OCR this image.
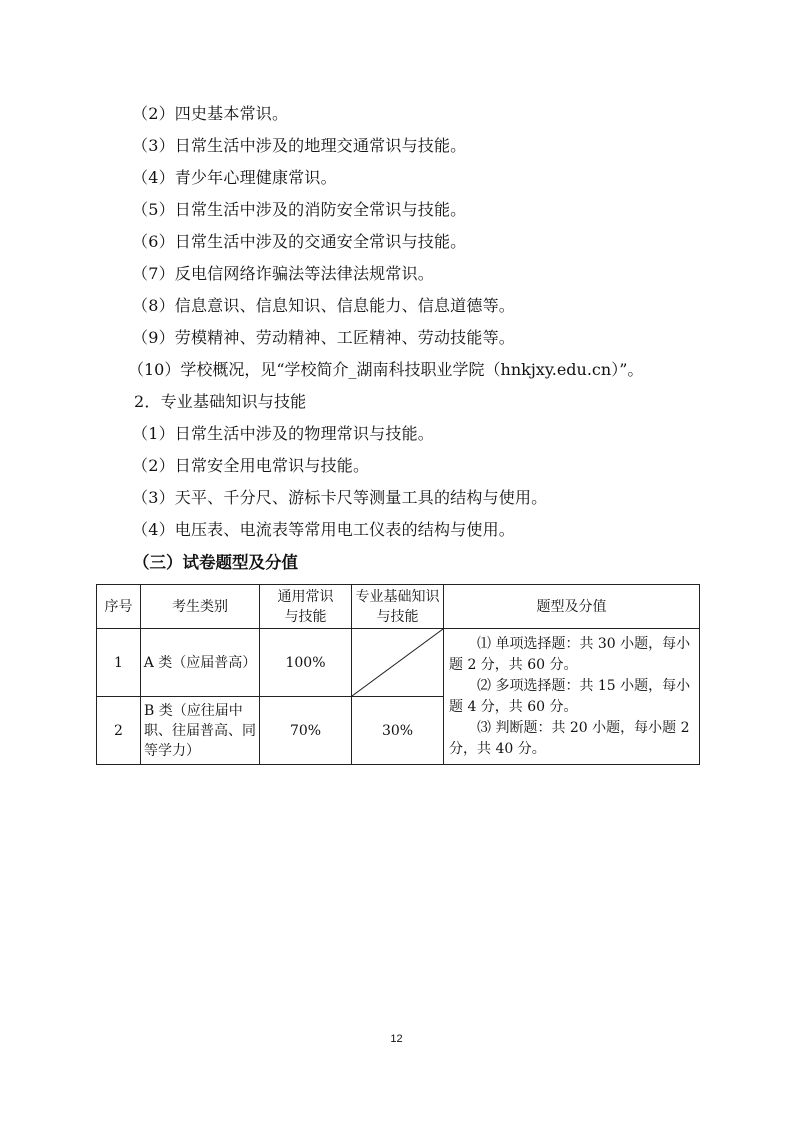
（2）四史基本常识。
（3）日常生活中涉及的地理交通常识与技能。
（4）青少年心理健康常识。
（5）日常生活中涉及的消防安全常识与技能。
（6）日常生活中涉及的交通安全常识与技能。
（7）反电信网络诈骗法等法律法规常识。
（8）信息意识、信息知识、信息能力、信息道德等。
（9）劳模精神、劳动精神、工匠精神、劳动技能等。
（10）学校概况，见“学校简介_湖南科技职业学院（hnkjxy.edu.cn）”。
2．专业基础知识与技能
（1）日常生活中涉及的物理常识与技能。
（2）日常安全用电常识与技能。
（3）天平、千分尺、游标卡尺等测量工具的结构与使用。
（4）电压表、电流表等常用电工仪表的结构与使用。
（三）试卷题型及分值
序号	考生类别	通用常识与技能	专业基础知识与技能	题型及分值
1	A 类（应届普高）	100%		⑴ 单项选择题：共 30 小题，每小题 2 分，共 60 分。
⑵ 多项选择题：共 15 小题，每小题 4 分，共 60 分。
⑶ 判断题：共 20 小题，每小题 2 分，共 40 分。

2	B 类（应往届中职、往届普高、同等学力）	70%	30%	
12
